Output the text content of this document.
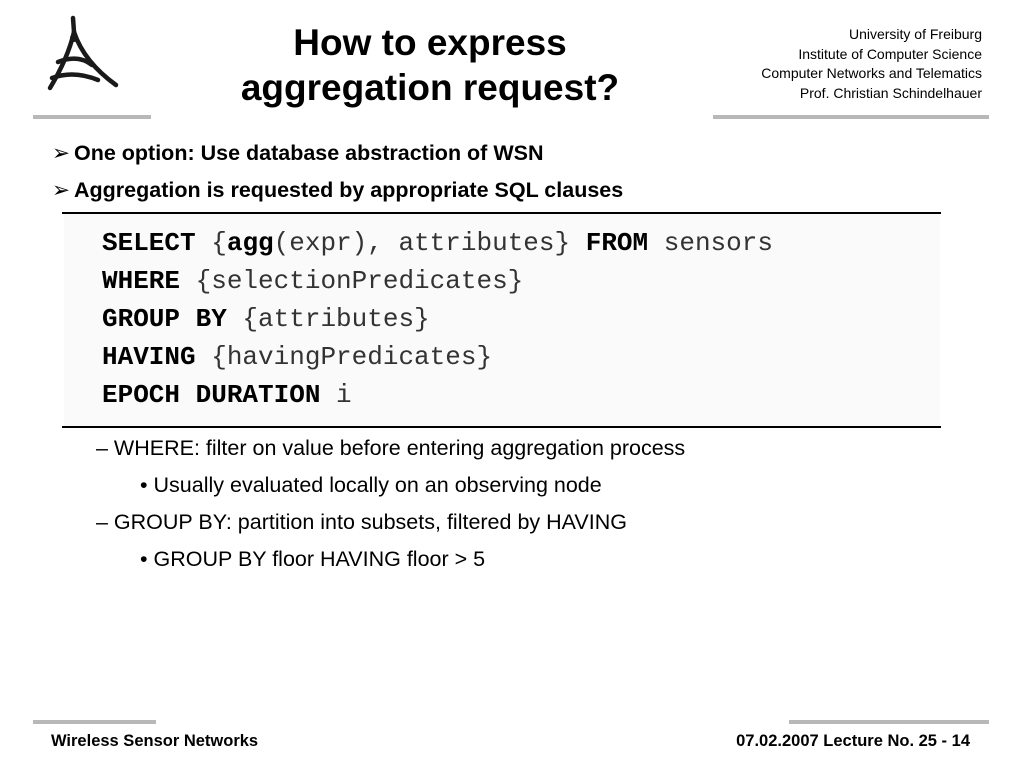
How to express
aggregation request?
University of Freiburg
Institute of Computer Science
Computer Networks and Telematics
Prof. Christian Schindelhauer
➢ One option: Use database abstraction of WSN
➢ Aggregation is requested by appropriate SQL clauses
SELECT {agg(expr), attributes} FROM sensors
WHERE {selectionPredicates}
GROUP BY {attributes}
HAVING {havingPredicates}
EPOCH DURATION i
– WHERE: filter on value before entering aggregation process
• Usually evaluated locally on an observing node
– GROUP BY: partition into subsets, filtered by HAVING
• GROUP BY floor HAVING floor > 5
Wireless Sensor Networks	07.02.2007 Lecture No. 25 - 14
